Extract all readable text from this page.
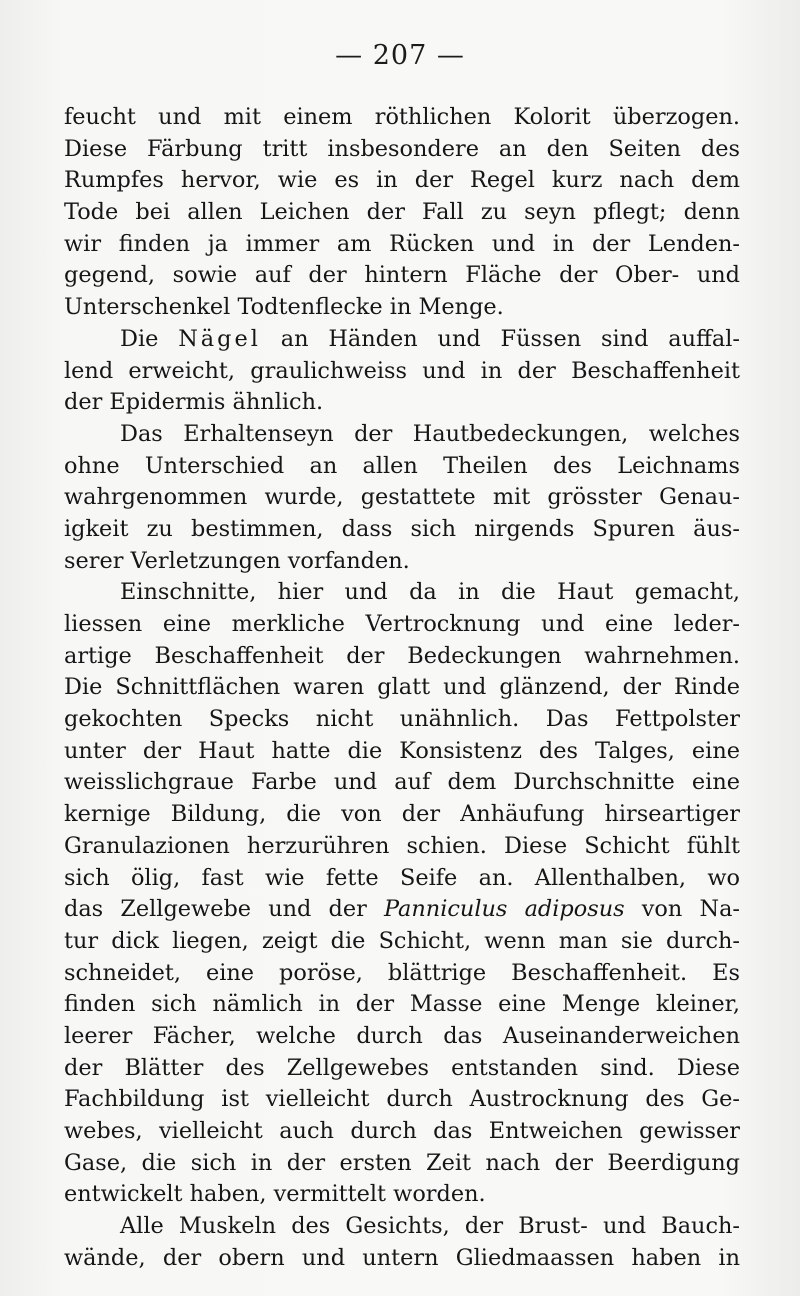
— 207 —
feucht und mit einem röthlichen Kolorit überzogen.
Diese Färbung tritt insbesondere an den Seiten des
Rumpfes hervor, wie es in der Regel kurz nach dem
Tode bei allen Leichen der Fall zu seyn pflegt; denn
wir finden ja immer am Rücken und in der Lenden-
gegend, sowie auf der hintern Fläche der Ober- und
Unterschenkel Todtenflecke in Menge.
Die Nägel an Händen und Füssen sind auffal-
lend erweicht, graulichweiss und in der Beschaffenheit
der Epidermis ähnlich.
Das Erhaltenseyn der Hautbedeckungen, welches
ohne Unterschied an allen Theilen des Leichnams
wahrgenommen wurde, gestattete mit grösster Genau-
igkeit zu bestimmen, dass sich nirgends Spuren äus-
serer Verletzungen vorfanden.
Einschnitte, hier und da in die Haut gemacht,
liessen eine merkliche Vertrocknung und eine leder-
artige Beschaffenheit der Bedeckungen wahrnehmen.
Die Schnittflächen waren glatt und glänzend, der Rinde
gekochten Specks nicht unähnlich. Das Fettpolster
unter der Haut hatte die Konsistenz des Talges, eine
weisslichgraue Farbe und auf dem Durchschnitte eine
kernige Bildung, die von der Anhäufung hirseartiger
Granulazionen herzurühren schien. Diese Schicht fühlt
sich ölig, fast wie fette Seife an. Allenthalben, wo
das Zellgewebe und der Panniculus adiposus von Na-
tur dick liegen, zeigt die Schicht, wenn man sie durch-
schneidet, eine poröse, blättrige Beschaffenheit. Es
finden sich nämlich in der Masse eine Menge kleiner,
leerer Fächer, welche durch das Auseinanderweichen
der Blätter des Zellgewebes entstanden sind. Diese
Fachbildung ist vielleicht durch Austrocknung des Ge-
webes, vielleicht auch durch das Entweichen gewisser
Gase, die sich in der ersten Zeit nach der Beerdigung
entwickelt haben, vermittelt worden.
Alle Muskeln des Gesichts, der Brust- und Bauch-
wände, der obern und untern Gliedmaassen haben in
